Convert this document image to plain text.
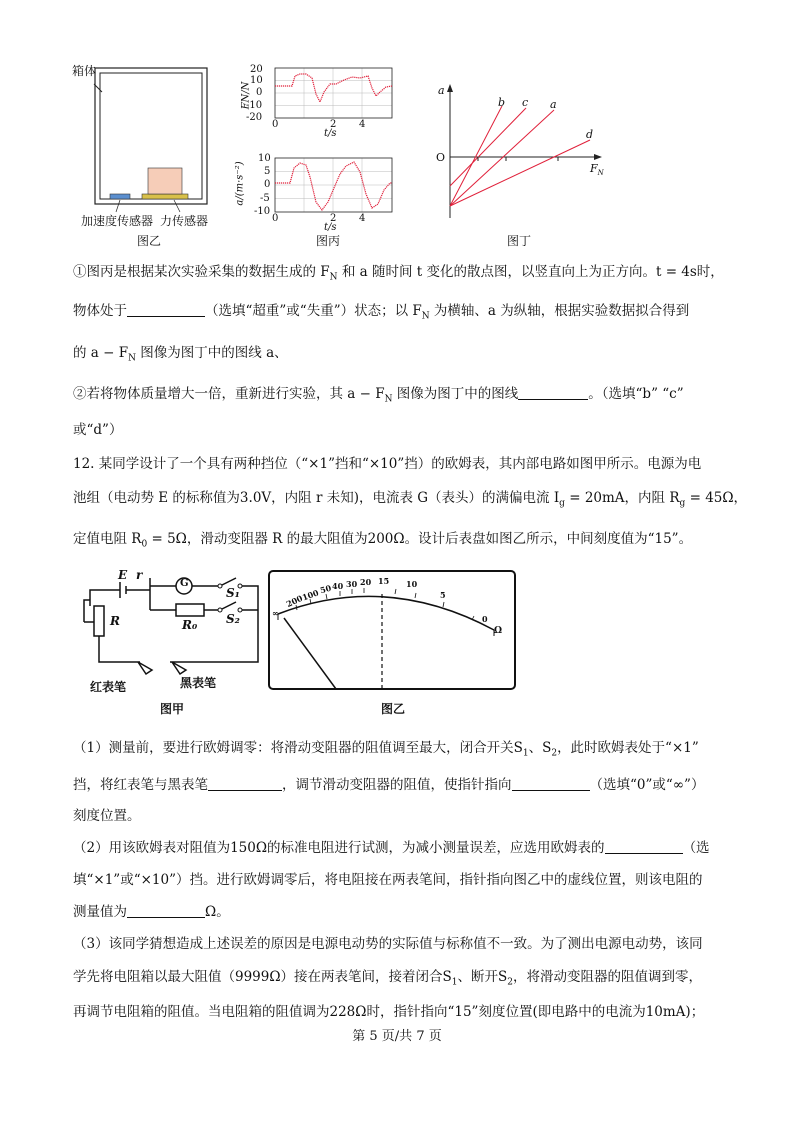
箱体
加速度传感器 力传感器
图乙
20
10
0
-10
-20
FN/N
0	2 4
t/s
10
5
0
-5
-10
a/(m·s⁻²)
0	2 4
t/s
图丙
a
$F_N$
O
b c a
d
图丁
①图丙是根据某次实验采集的数据生成的 $F_N$ 和 a 随时间 t 变化的散点图，以竖直向上为正方向。t = 4s时，
物体处于	（选填“超重”或“失重”）状态；以 $F_N$ 为横轴、a 为纵轴，根据实验数据拟合得到
的 $a - F_N$ 图像为图丁中的图线 a、
②若将物体质量增大一倍，重新进行实验，其 $a - F_N$ 图像为图丁中的图线	。（选填“b” “c”
或“d”）
12. 某同学设计了一个具有两种挡位（“×1”挡和“×10”挡）的欧姆表，其内部电路如图甲所示。电源为电
池组（电动势 E 的标称值为3.0V，内阻 r 未知)，电流表 G（表头）的满偏电流 $I_g = 20mA$，内阻 $R_g = 45\Omega$，
定值电阻 $R_0 = 5\Omega$，滑动变阻器 R 的最大阻值为200Ω。设计后表盘如图乙所示，中间刻度值为“15”。
E r
G
S₁
S₂
R₀
R
红表笔	黑表笔
图甲
∞
200
100
50 40 30 20 15 10
5
0
Ω
图乙
（1）测量前，要进行欧姆调零：将滑动变阻器的阻值调至最大，闭合开关$S_1$、$S_2$，此时欧姆表处于“×1”
挡，将红表笔与黑表笔	，调节滑动变阻器的阻值，使指针指向	（选填“0”或“∞”）
刻度位置。
（2）用该欧姆表对阻值为150Ω的标准电阻进行试测，为减小测量误差，应选用欧姆表的	（选
填“×1”或“×10”）挡。进行欧姆调零后，将电阻接在两表笔间，指针指向图乙中的虚线位置，则该电阻的
测量值为	Ω。
（3）该同学猜想造成上述误差的原因是电源电动势的实际值与标称值不一致。为了测出电源电动势，该同
学先将电阻箱以最大阻值（9999Ω）接在两表笔间，接着闭合$S_1$、断开$S_2$，将滑动变阻器的阻值调到零，
再调节电阻箱的阻值。当电阻箱的阻值调为228Ω时，指针指向“15”刻度位置(即电路中的电流为10mA)；
第 5 页/共 7 页
